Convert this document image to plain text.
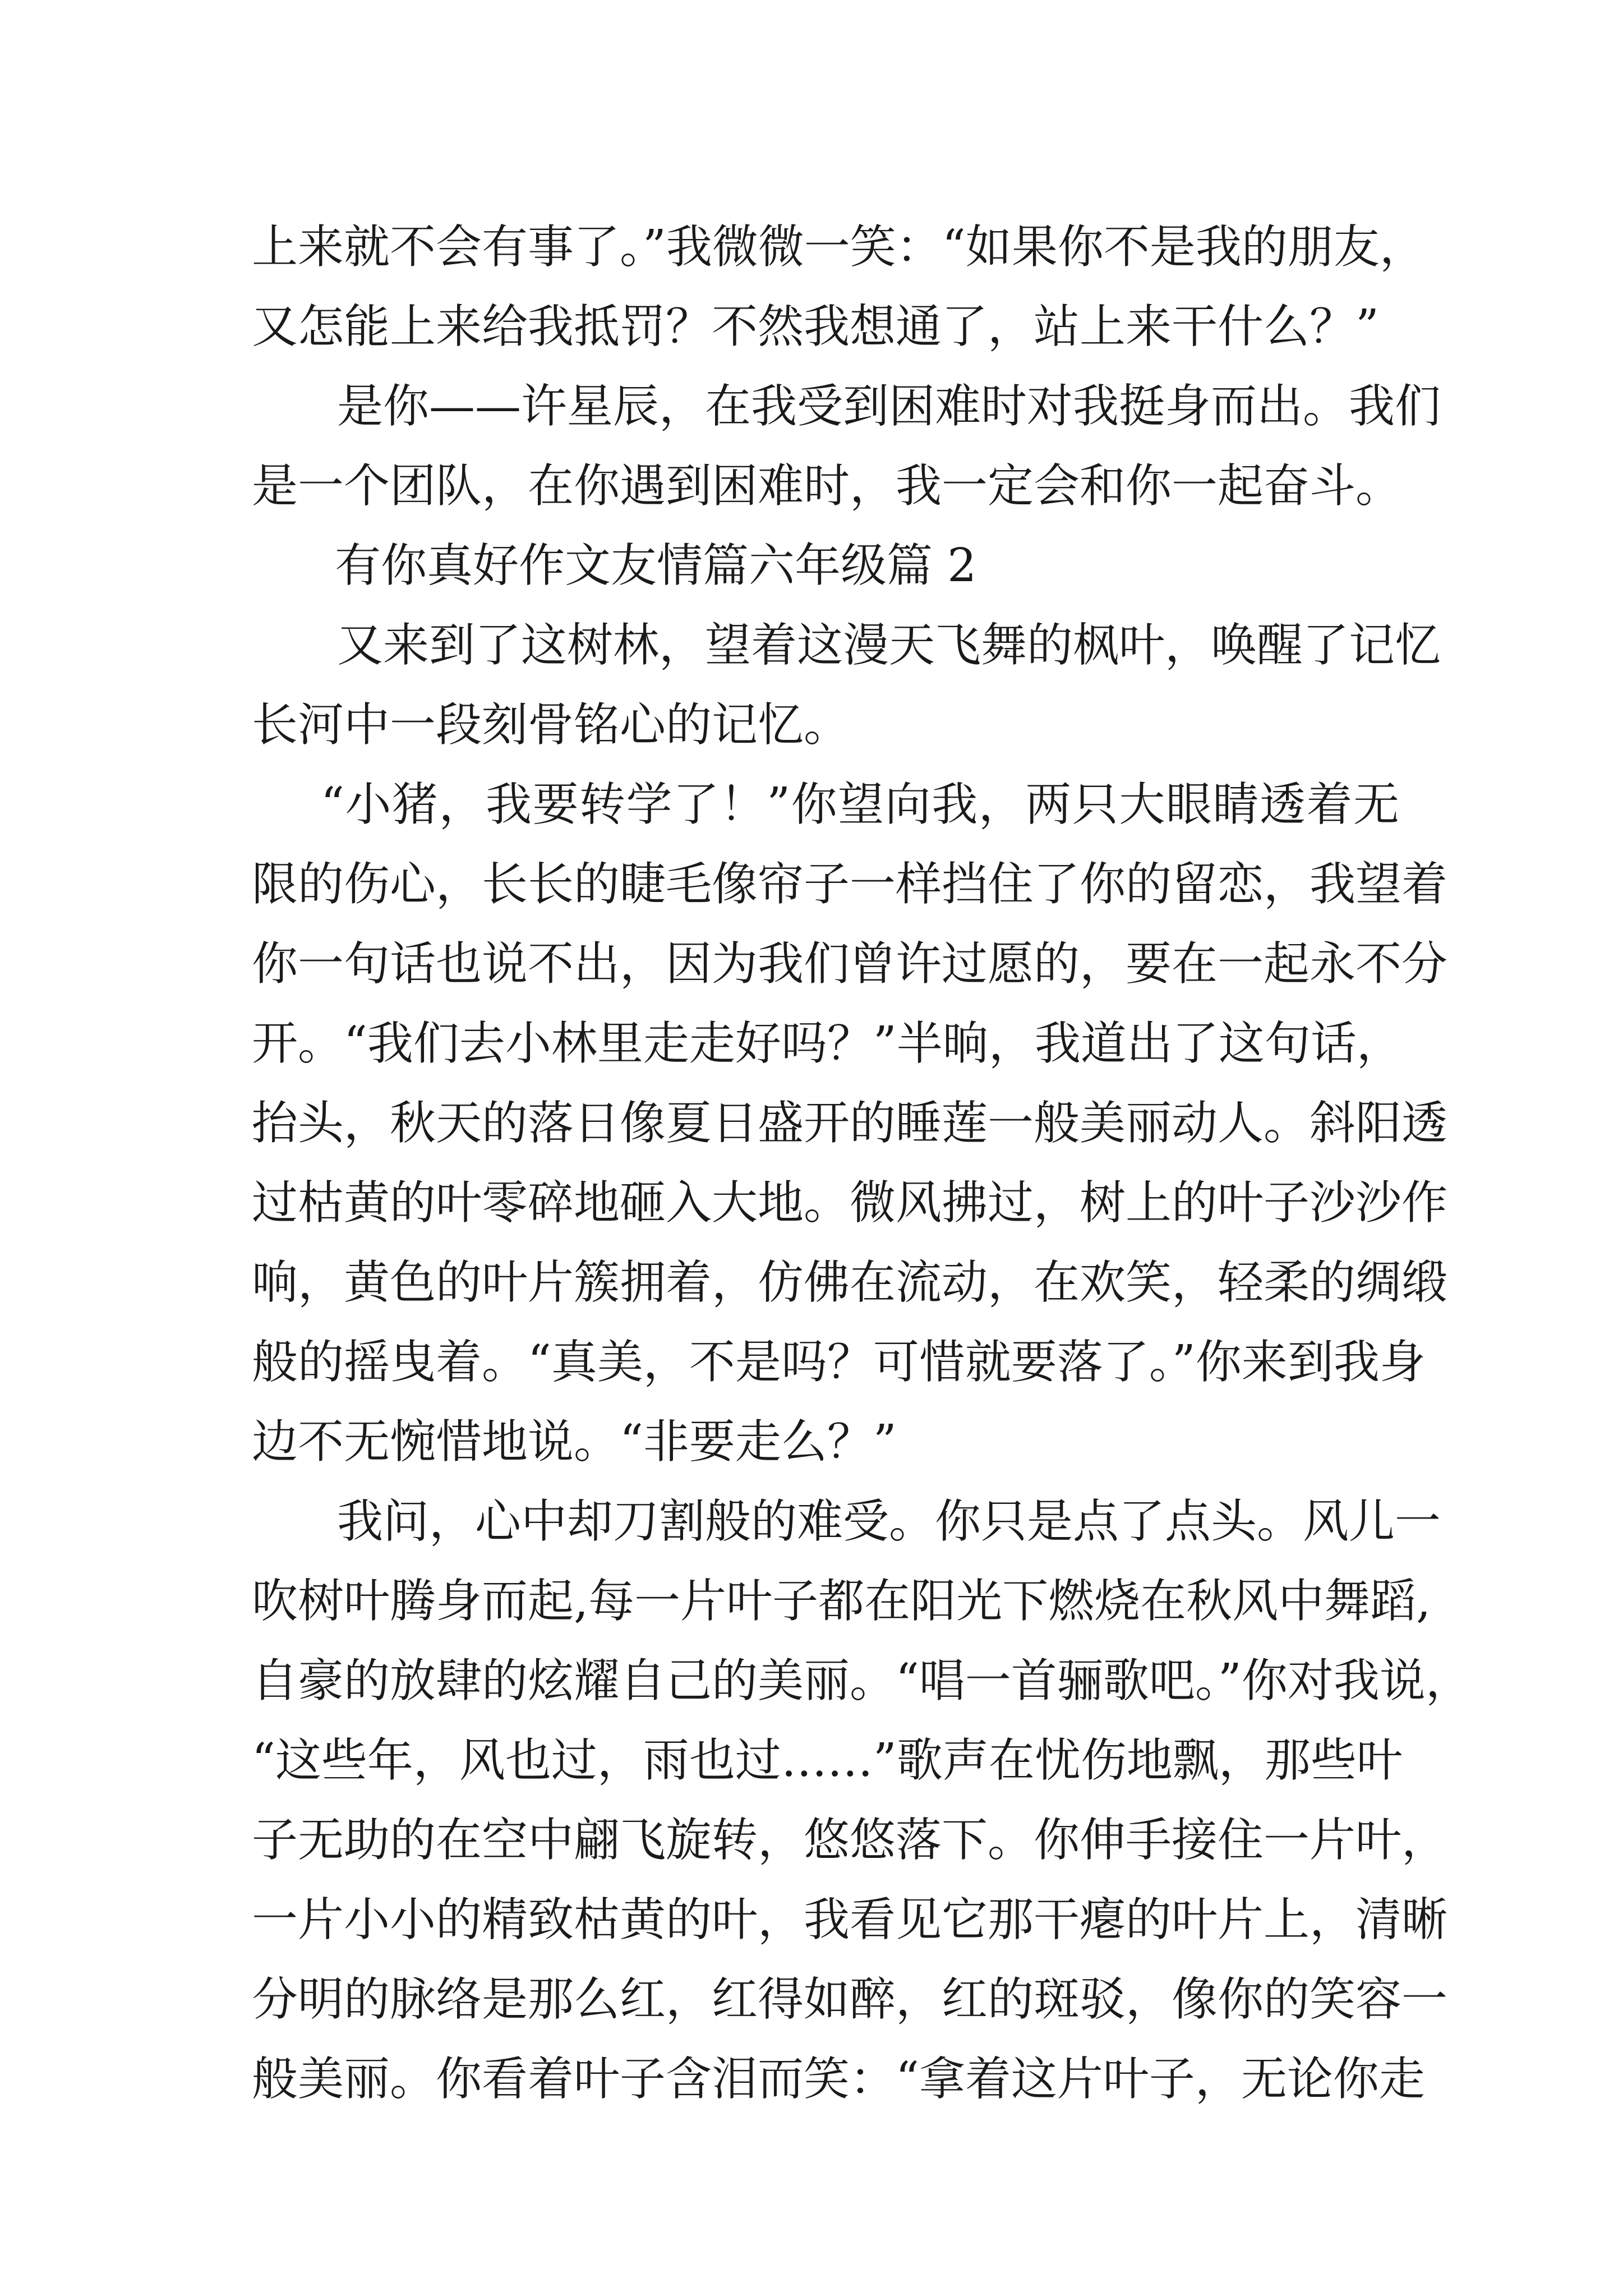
上来就不会有事了。”我微微一笑：“如果你不是我的朋友，
又怎能上来给我抵罚？不然我想通了，站上来干什么？”
是你——许星辰，在我受到困难时对我挺身而出。我们
是一个团队，在你遇到困难时，我一定会和你一起奋斗。
有你真好作文友情篇六年级篇 2
又来到了这树林，望着这漫天飞舞的枫叶，唤醒了记忆
长河中一段刻骨铭心的记忆。
“小猪，我要转学了！”你望向我，两只大眼睛透着无
限的伤心，长长的睫毛像帘子一样挡住了你的留恋，我望着
你一句话也说不出，因为我们曾许过愿的，要在一起永不分
开。“我们去小林里走走好吗？”半晌，我道出了这句话，
抬头，秋天的落日像夏日盛开的睡莲一般美丽动人。斜阳透
过枯黄的叶零碎地砸入大地。微风拂过，树上的叶子沙沙作
响，黄色的叶片簇拥着，仿佛在流动，在欢笑，轻柔的绸缎
般的摇曳着。“真美，不是吗？可惜就要落了。”你来到我身
边不无惋惜地说。“非要走么？”
我问，心中却刀割般的难受。你只是点了点头。风儿一
吹树叶腾身而起,每一片叶子都在阳光下燃烧在秋风中舞蹈,
自豪的放肆的炫耀自己的美丽。“唱一首骊歌吧。”你对我说，
“这些年，风也过，雨也过……”歌声在忧伤地飘，那些叶
子无助的在空中翩飞旋转，悠悠落下。你伸手接住一片叶，
一片小小的精致枯黄的叶，我看见它那干瘪的叶片上，清晰
分明的脉络是那么红，红得如醉，红的斑驳，像你的笑容一
般美丽。你看着叶子含泪而笑：“拿着这片叶子，无论你走
